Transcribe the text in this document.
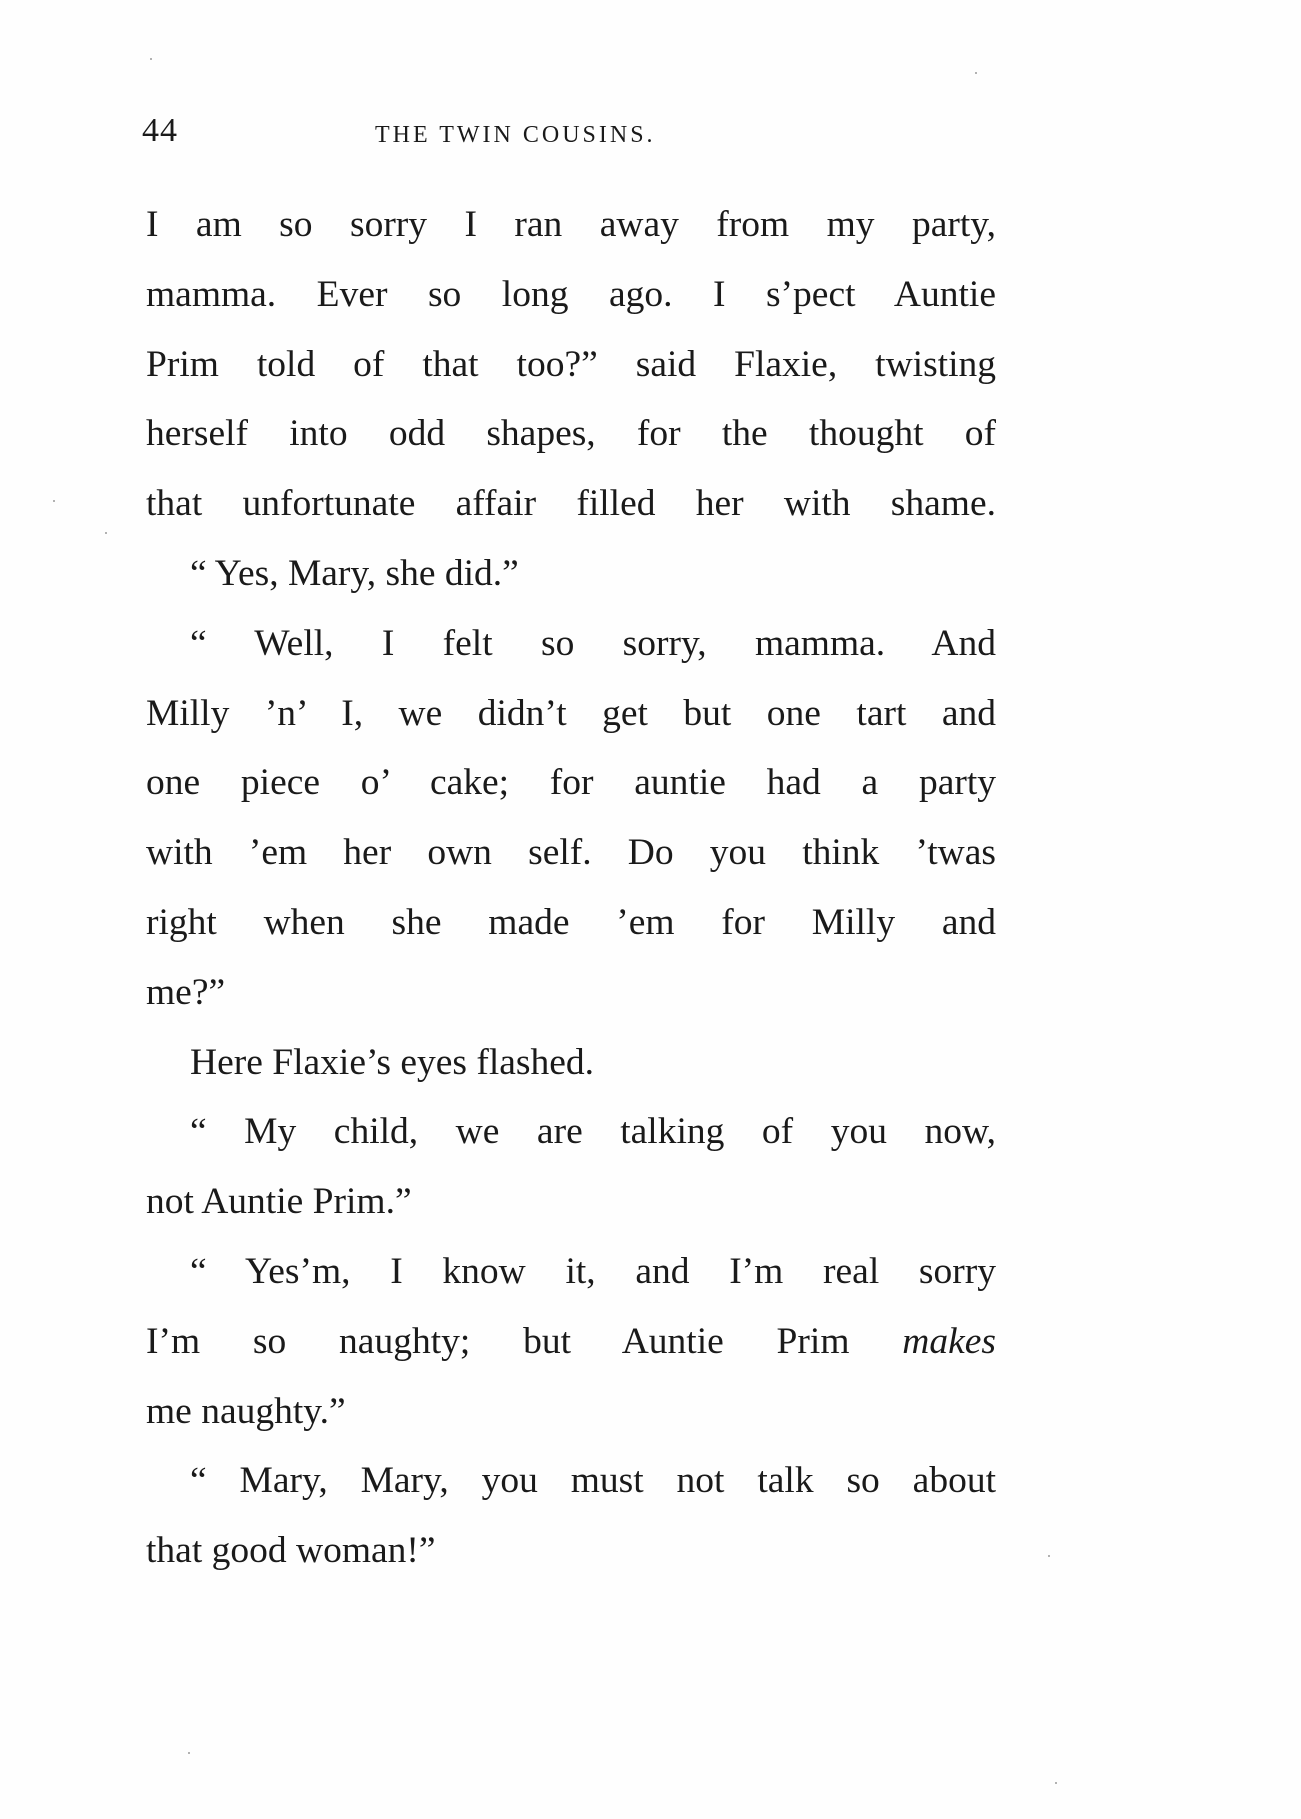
44	THE TWIN COUSINS.
I am so sorry I ran away from my party,
mamma. Ever so long ago. I s’pect Auntie
Prim told of that too?” said Flaxie, twisting
herself into odd shapes, for the thought of
that unfortunate affair filled her with shame.
“ Yes, Mary, she did.”
“ Well, I felt so sorry, mamma. And
Milly ’n’ I, we didn’t get but one tart and
one piece o’ cake; for auntie had a party
with ’em her own self. Do you think ’twas
right when she made ’em for Milly and
me?”
Here Flaxie’s eyes flashed.
“ My child, we are talking of you now,
not Auntie Prim.”
“ Yes’m, I know it, and I’m real sorry
I’m so naughty; but Auntie Prim makes
me naughty.”
“ Mary, Mary, you must not talk so about
that good woman!”
